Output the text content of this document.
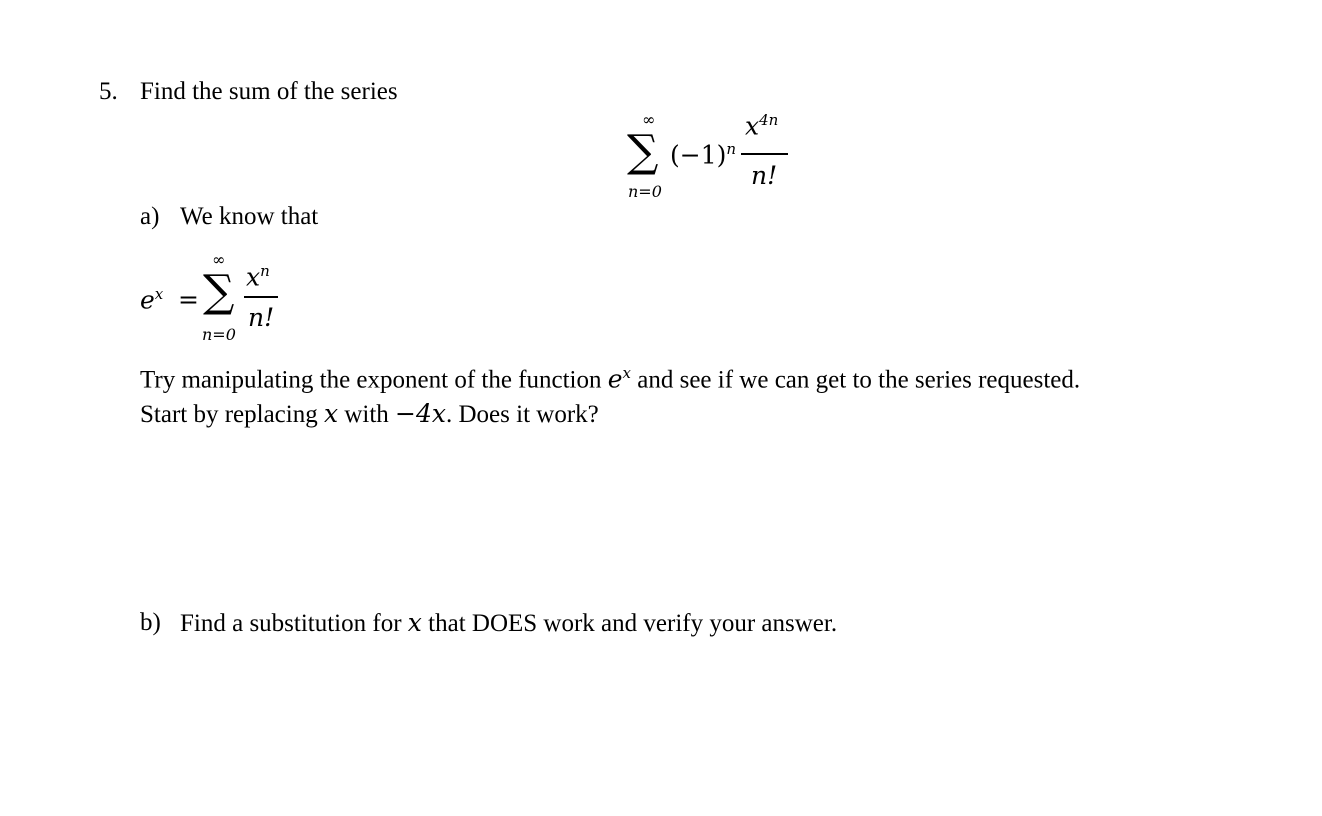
5. Find the sum of the series
∞
∑ $(-1)^n$
$x^{4n}$
n!
n=0
a) We know that
$e^x$ =
∞
∑ $x^n$
n!
n=0
Try manipulating the exponent of the function $e^x$ and see if we can get to the series requested.
Start by replacing x with −4x. Does it work?
b) Find a substitution for x that DOES work and verify your answer.
